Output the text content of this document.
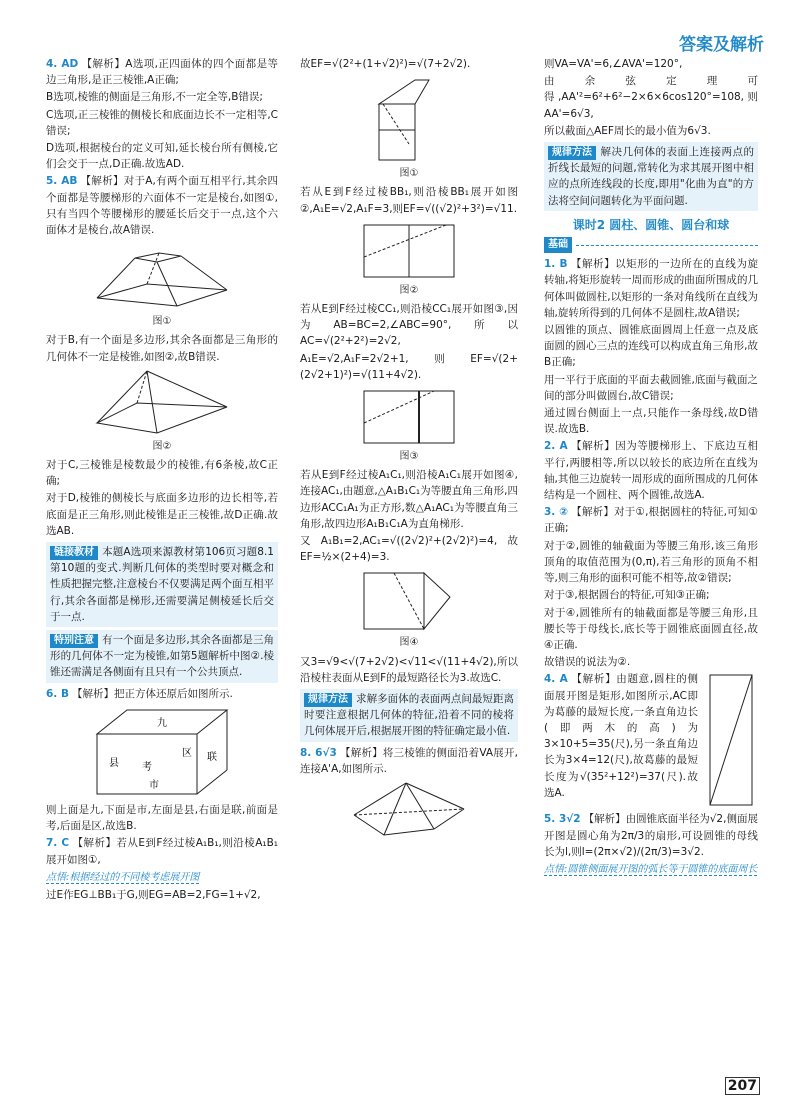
答案及解析

4. AD 【解析】A选项,正四面体的四个面都是等边三角形,是正三棱锥,A正确;

B选项,棱锥的侧面是三角形,不一定全等,B错误;

C选项,正三棱锥的侧棱长和底面边长不一定相等,C错误;

D选项,根据棱台的定义可知,延长棱台所有侧棱,它们会交于一点,D正确.故选AD.

5. AB 【解析】对于A,有两个面互相平行,其余四个面都是等腰梯形的六面体不一定是棱台,如图①,只有当四个等腰梯形的腰延长后交于一点,这个六面体才是棱台,故A错误.

图①

对于B,有一个面是多边形,其余各面都是三角形的几何体不一定是棱锥,如图②,故B错误.

图②

对于C,三棱锥是棱数最少的棱锥,有6条棱,故C正确;

对于D,棱锥的侧棱长与底面多边形的边长相等,若底面是正三角形,则此棱锥是正三棱锥,故D正确.故选AB.

链接教材 本题A选项来源教材第106页习题8.1第10题的变式.判断几何体的类型时要对概念和性质把握完整,注意棱台不仅要满足两个面互相平行,其余各面都是梯形,还需要满足侧棱延长后交于一点.
特别注意 有一个面是多边形,其余各面都是三角形的几何体不一定为棱锥,如第5题解析中图②.棱锥还需满足各侧面有且只有一个公共顶点.

6. B 【解析】把正方体还原后如图所示.

九
区
县 考
联
市

则上面是九,下面是市,左面是县,右面是联,前面是考,后面是区,故选B.

7. C 【解析】若从E到F经过棱A₁B₁,则沿棱A₁B₁展开如图①,

点悟:根据经过的不同棱考虑展开图

过E作EG⊥BB₁于G,则EG=AB=2,FG=1+√2,

故EF=√(2²+(1+√2)²)=√(7+2√2).

图①

若从E到F经过棱BB₁,则沿棱BB₁展开如图②,A₁E=√2,A₁F=3,则EF=√((√2)²+3²)=√11.

图②

若从E到F经过棱CC₁,则沿棱CC₁展开如图③,因为AB=BC=2,∠ABC=90°,所以AC=√(2²+2²)=2√2,

A₁E=√2,A₁F=2√2+1,则EF=√(2+(2√2+1)²)=√(11+4√2).

图③

若从E到F经过棱A₁C₁,则沿棱A₁C₁展开如图④,连接AC₁,由题意,△A₁B₁C₁为等腰直角三角形,四边形ACC₁A₁为正方形,数△A₁AC₁为等腰直角三角形,故四边形A₁B₁C₁A为直角梯形.

又A₁B₁=2,AC₁=√((2√2)²+(2√2)²)=4,故EF=½×(2+4)=3.

图④

又3=√9<√(7+2√2)<√11<√(11+4√2),所以沿棱柱表面从E到F的最短路径长为3.故选C.

规律方法 求解多面体的表面两点间最短距离时要注意根据几何体的特征,沿着不同的棱将几何体展开后,根据展开图的特征确定最小值.

8. 6√3 【解析】将三棱锥的侧面沿着VA展开,连接A'A,如图所示.

则VA=VA'=6,∠AVA'=120°,

由余弦定理可得,AA'²=6²+6²−2×6×6cos120°=108,则AA'=6√3,

所以截面△AEF周长的最小值为6√3.

规律方法 解决几何体的表面上连接两点的折线长最短的问题,常转化为求其展开图中相应的点所连线段的长度,即用"化曲为直"的方法将空间问题转化为平面问题.
课时2 圆柱、圆锥、圆台和球
基础

1. B 【解析】以矩形的一边所在的直线为旋转轴,将矩形旋转一周而形成的曲面所围成的几何体叫做圆柱,以矩形的一条对角线所在直线为轴,旋转所得到的几何体不是圆柱,故A错误;

以圆锥的顶点、圆锥底面圆周上任意一点及底面圆的圆心三点的连线可以构成直角三角形,故B正确;

用一平行于底面的平面去截圆锥,底面与截面之间的部分叫做圆台,故C错误;

通过圆台侧面上一点,只能作一条母线,故D错误.故选B.

2. A 【解析】因为等腰梯形上、下底边互相平行,两腰相等,所以以较长的底边所在直线为轴,其他三边旋转一周形成的面所围成的几何体结构是一个圆柱、两个圆锥,故选A.

3. ② 【解析】对于①,根据圆柱的特征,可知①正确;

对于②,圆锥的轴截面为等腰三角形,该三角形顶角的取值范围为(0,π),若三角形的顶角不相等,则三角形的面积可能不相等,故②错误;

对于③,根据圆台的特征,可知③正确;

对于④,圆锥所有的轴截面都是等腰三角形,且腰长等于母线长,底长等于圆锥底面圆直径,故④正确.

故错误的说法为②.

4. A 【解析】由题意,圆柱的侧面展开图是矩形,如图所示,AC即为葛藤的最短长度,一条直角边长(即两木的高)为3×10+5=35(尺),另一条直角边长为3×4=12(尺),故葛藤的最短长度为√(35²+12²)=37(尺).故选A.

5. 3√2 【解析】由圆锥底面半径为√2,侧面展开图是圆心角为2π/3的扇形,可设圆锥的母线长为l,则l=(2π×√2)/(2π/3)=3√2.

点悟:圆锥侧面展开图的弧长等于圆锥的底面周长

207
